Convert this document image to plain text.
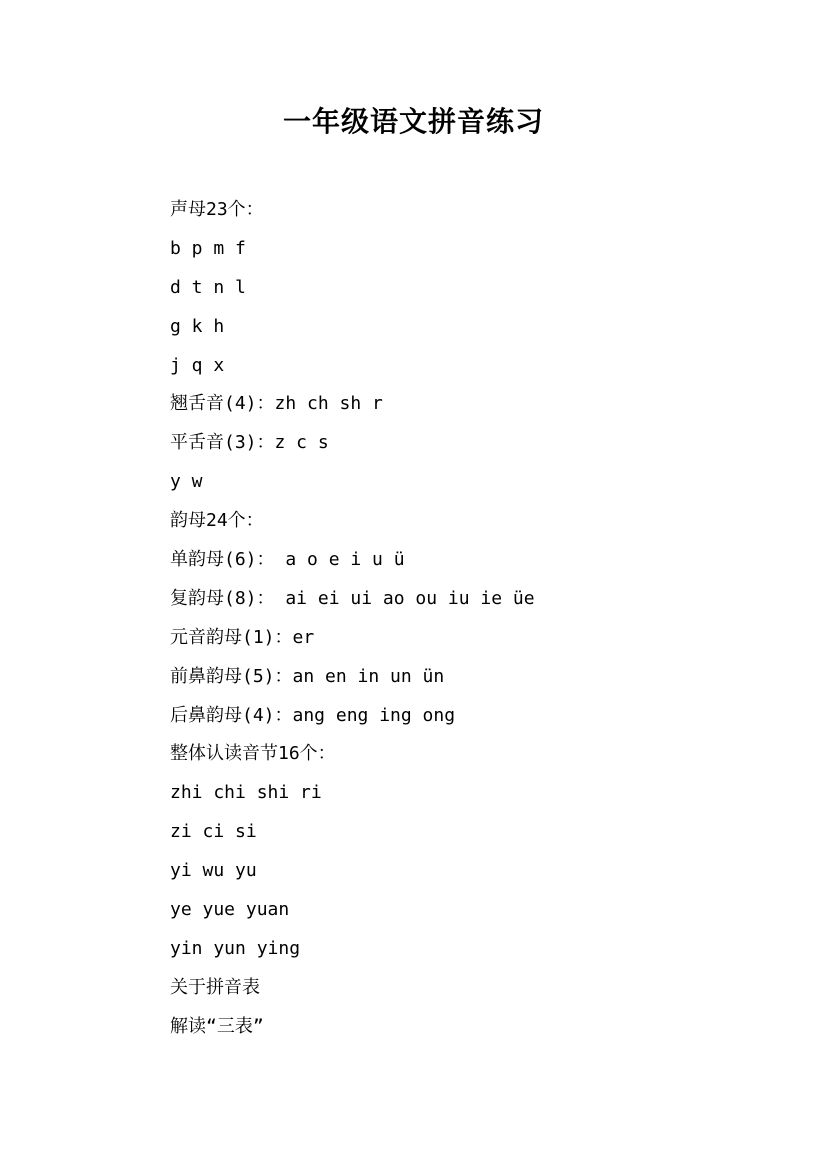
一年级语文拼音练习
声母23个：
b p m f
d t n l
g k h
j q x
翘舌音(4)：zh ch sh r
平舌音(3)：z c s
y w
韵母24个：
单韵母(6)： a o e i u ü
复韵母(8)： ai ei ui ao ou iu ie üe
元音韵母(1)：er
前鼻韵母(5)：an en in un ün
后鼻韵母(4)：ang eng ing ong
整体认读音节16个：
zhi chi shi ri
zi ci si
yi wu yu
ye yue yuan
yin yun ying
关于拼音表
解读“三表”
